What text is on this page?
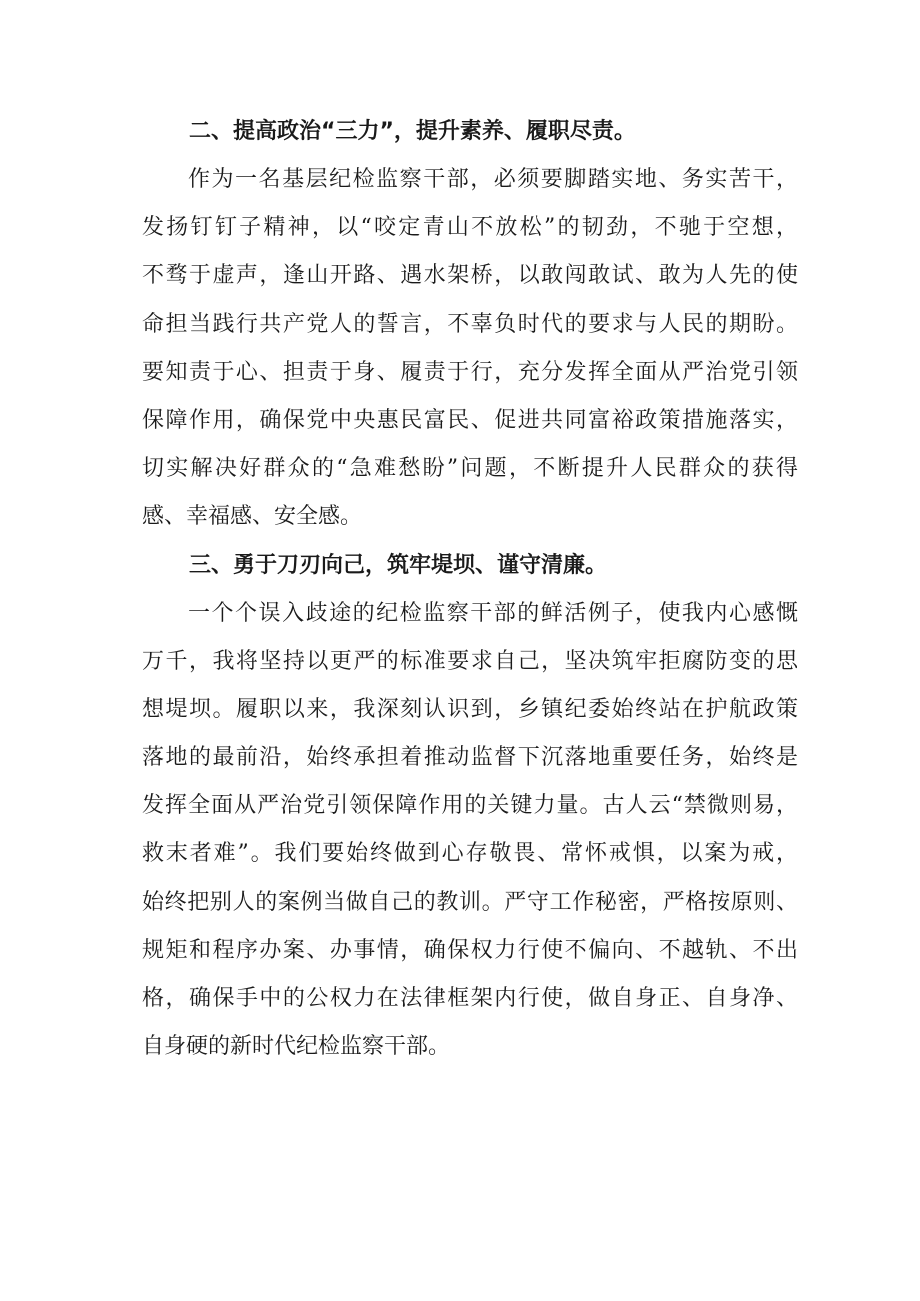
二、提高政治“三力”，提升素养、履职尽责。
作为一名基层纪检监察干部，必须要脚踏实地、务实苦干，
发扬钉钉子精神，以“咬定青山不放松”的韧劲，不驰于空想，
不骛于虚声，逢山开路、遇水架桥，以敢闯敢试、敢为人先的使
命担当践行共产党人的誓言，不辜负时代的要求与人民的期盼。
要知责于心、担责于身、履责于行，充分发挥全面从严治党引领
保障作用，确保党中央惠民富民、促进共同富裕政策措施落实，
切实解决好群众的“急难愁盼”问题，不断提升人民群众的获得
感、幸福感、安全感。
三、勇于刀刃向己，筑牢堤坝、谨守清廉。
一个个误入歧途的纪检监察干部的鲜活例子，使我内心感慨
万千，我将坚持以更严的标准要求自己，坚决筑牢拒腐防变的思
想堤坝。履职以来，我深刻认识到，乡镇纪委始终站在护航政策
落地的最前沿，始终承担着推动监督下沉落地重要任务，始终是
发挥全面从严治党引领保障作用的关键力量。古人云“禁微则易，
救末者难”。我们要始终做到心存敬畏、常怀戒惧，以案为戒，
始终把别人的案例当做自己的教训。严守工作秘密，严格按原则、
规矩和程序办案、办事情，确保权力行使不偏向、不越轨、不出
格，确保手中的公权力在法律框架内行使，做自身正、自身净、
自身硬的新时代纪检监察干部。
